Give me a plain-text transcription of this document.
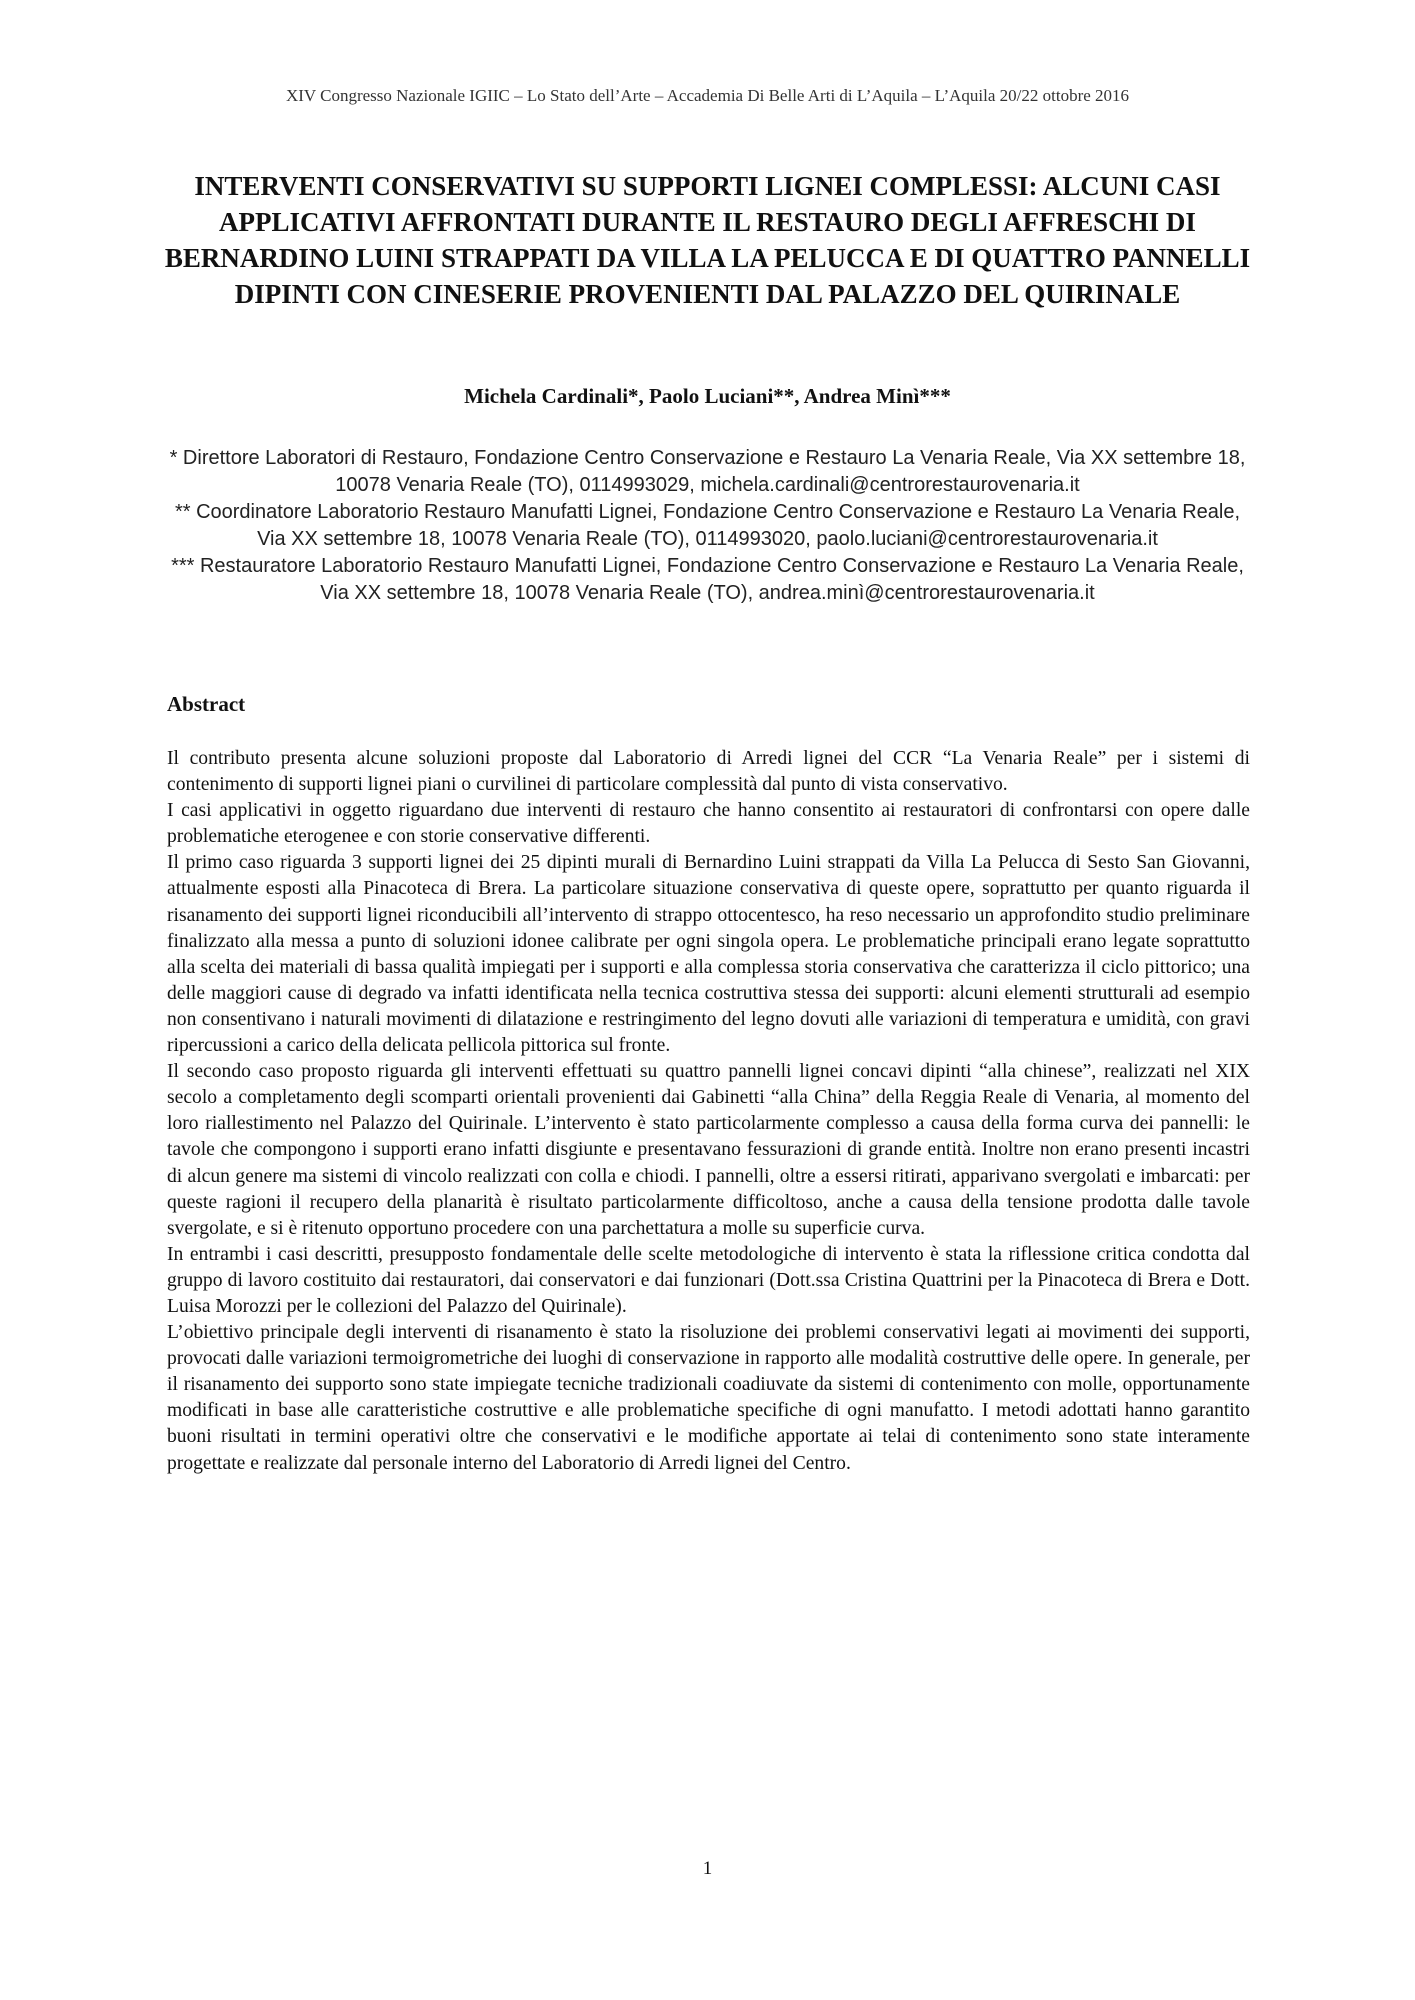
XIV Congresso Nazionale IGIIC – Lo Stato dell’Arte – Accademia Di Belle Arti di L’Aquila – L’Aquila 20/22 ottobre 2016
INTERVENTI CONSERVATIVI SU SUPPORTI LIGNEI COMPLESSI: ALCUNI CASI APPLICATIVI AFFRONTATI DURANTE IL RESTAURO DEGLI AFFRESCHI DI BERNARDINO LUINI STRAPPATI DA VILLA LA PELUCCA E DI QUATTRO PANNELLI DIPINTI CON CINESERIE PROVENIENTI DAL PALAZZO DEL QUIRINALE
Michela Cardinali*, Paolo Luciani**, Andrea Minì***

* Direttore Laboratori di Restauro, Fondazione Centro Conservazione e Restauro La Venaria Reale, Via XX settembre 18, 10078 Venaria Reale (TO), 0114993029, michela.cardinali@centrorestaurovenaria.it

** Coordinatore Laboratorio Restauro Manufatti Lignei, Fondazione Centro Conservazione e Restauro La Venaria Reale, Via XX settembre 18, 10078 Venaria Reale (TO), 0114993020, paolo.luciani@centrorestaurovenaria.it

*** Restauratore Laboratorio Restauro Manufatti Lignei, Fondazione Centro Conservazione e Restauro La Venaria Reale, Via XX settembre 18, 10078 Venaria Reale (TO), andrea.minì@centrorestaurovenaria.it

Abstract

Il contributo presenta alcune soluzioni proposte dal Laboratorio di Arredi lignei del CCR “La Venaria Reale” per i sistemi di contenimento di supporti lignei piani o curvilinei di particolare complessità dal punto di vista conservativo.

I casi applicativi in oggetto riguardano due interventi di restauro che hanno consentito ai restauratori di confrontarsi con opere dalle problematiche eterogenee e con storie conservative differenti.

Il primo caso riguarda 3 supporti lignei dei 25 dipinti murali di Bernardino Luini strappati da Villa La Pelucca di Sesto San Giovanni, attualmente esposti alla Pinacoteca di Brera. La particolare situazione conservativa di queste opere, soprattutto per quanto riguarda il risanamento dei supporti lignei riconducibili all’intervento di strappo ottocentesco, ha reso necessario un approfondito studio preliminare finalizzato alla messa a punto di soluzioni idonee calibrate per ogni singola opera. Le problematiche principali erano legate soprattutto alla scelta dei materiali di bassa qualità impiegati per i supporti e alla complessa storia conservativa che caratterizza il ciclo pittorico; una delle maggiori cause di degrado va infatti identificata nella tecnica costruttiva stessa dei supporti: alcuni elementi strutturali ad esempio non consentivano i naturali movimenti di dilatazione e restringimento del legno dovuti alle variazioni di temperatura e umidità, con gravi ripercussioni a carico della delicata pellicola pittorica sul fronte.

Il secondo caso proposto riguarda gli interventi effettuati su quattro pannelli lignei concavi dipinti “alla chinese”, realizzati nel XIX secolo a completamento degli scomparti orientali provenienti dai Gabinetti “alla China” della Reggia Reale di Venaria, al momento del loro riallestimento nel Palazzo del Quirinale. L’intervento è stato particolarmente complesso a causa della forma curva dei pannelli: le tavole che compongono i supporti erano infatti disgiunte e presentavano fessurazioni di grande entità. Inoltre non erano presenti incastri di alcun genere ma sistemi di vincolo realizzati con colla e chiodi. I pannelli, oltre a essersi ritirati, apparivano svergolati e imbarcati: per queste ragioni il recupero della planarità è risultato particolarmente difficoltoso, anche a causa della tensione prodotta dalle tavole svergolate, e si è ritenuto opportuno procedere con una parchettatura a molle su superficie curva.

In entrambi i casi descritti, presupposto fondamentale delle scelte metodologiche di intervento è stata la riflessione critica condotta dal gruppo di lavoro costituito dai restauratori, dai conservatori e dai funzionari (Dott.ssa Cristina Quattrini per la Pinacoteca di Brera e Dott. Luisa Morozzi per le collezioni del Palazzo del Quirinale).

L’obiettivo principale degli interventi di risanamento è stato la risoluzione dei problemi conservativi legati ai movimenti dei supporti, provocati dalle variazioni termoigrometriche dei luoghi di conservazione in rapporto alle modalità costruttive delle opere. In generale, per il risanamento dei supporto sono state impiegate tecniche tradizionali coadiuvate da sistemi di contenimento con molle, opportunamente modificati in base alle caratteristiche costruttive e alle problematiche specifiche di ogni manufatto. I metodi adottati hanno garantito buoni risultati in termini operativi oltre che conservativi e le modifiche apportate ai telai di contenimento sono state interamente progettate e realizzate dal personale interno del Laboratorio di Arredi lignei del Centro.

1
